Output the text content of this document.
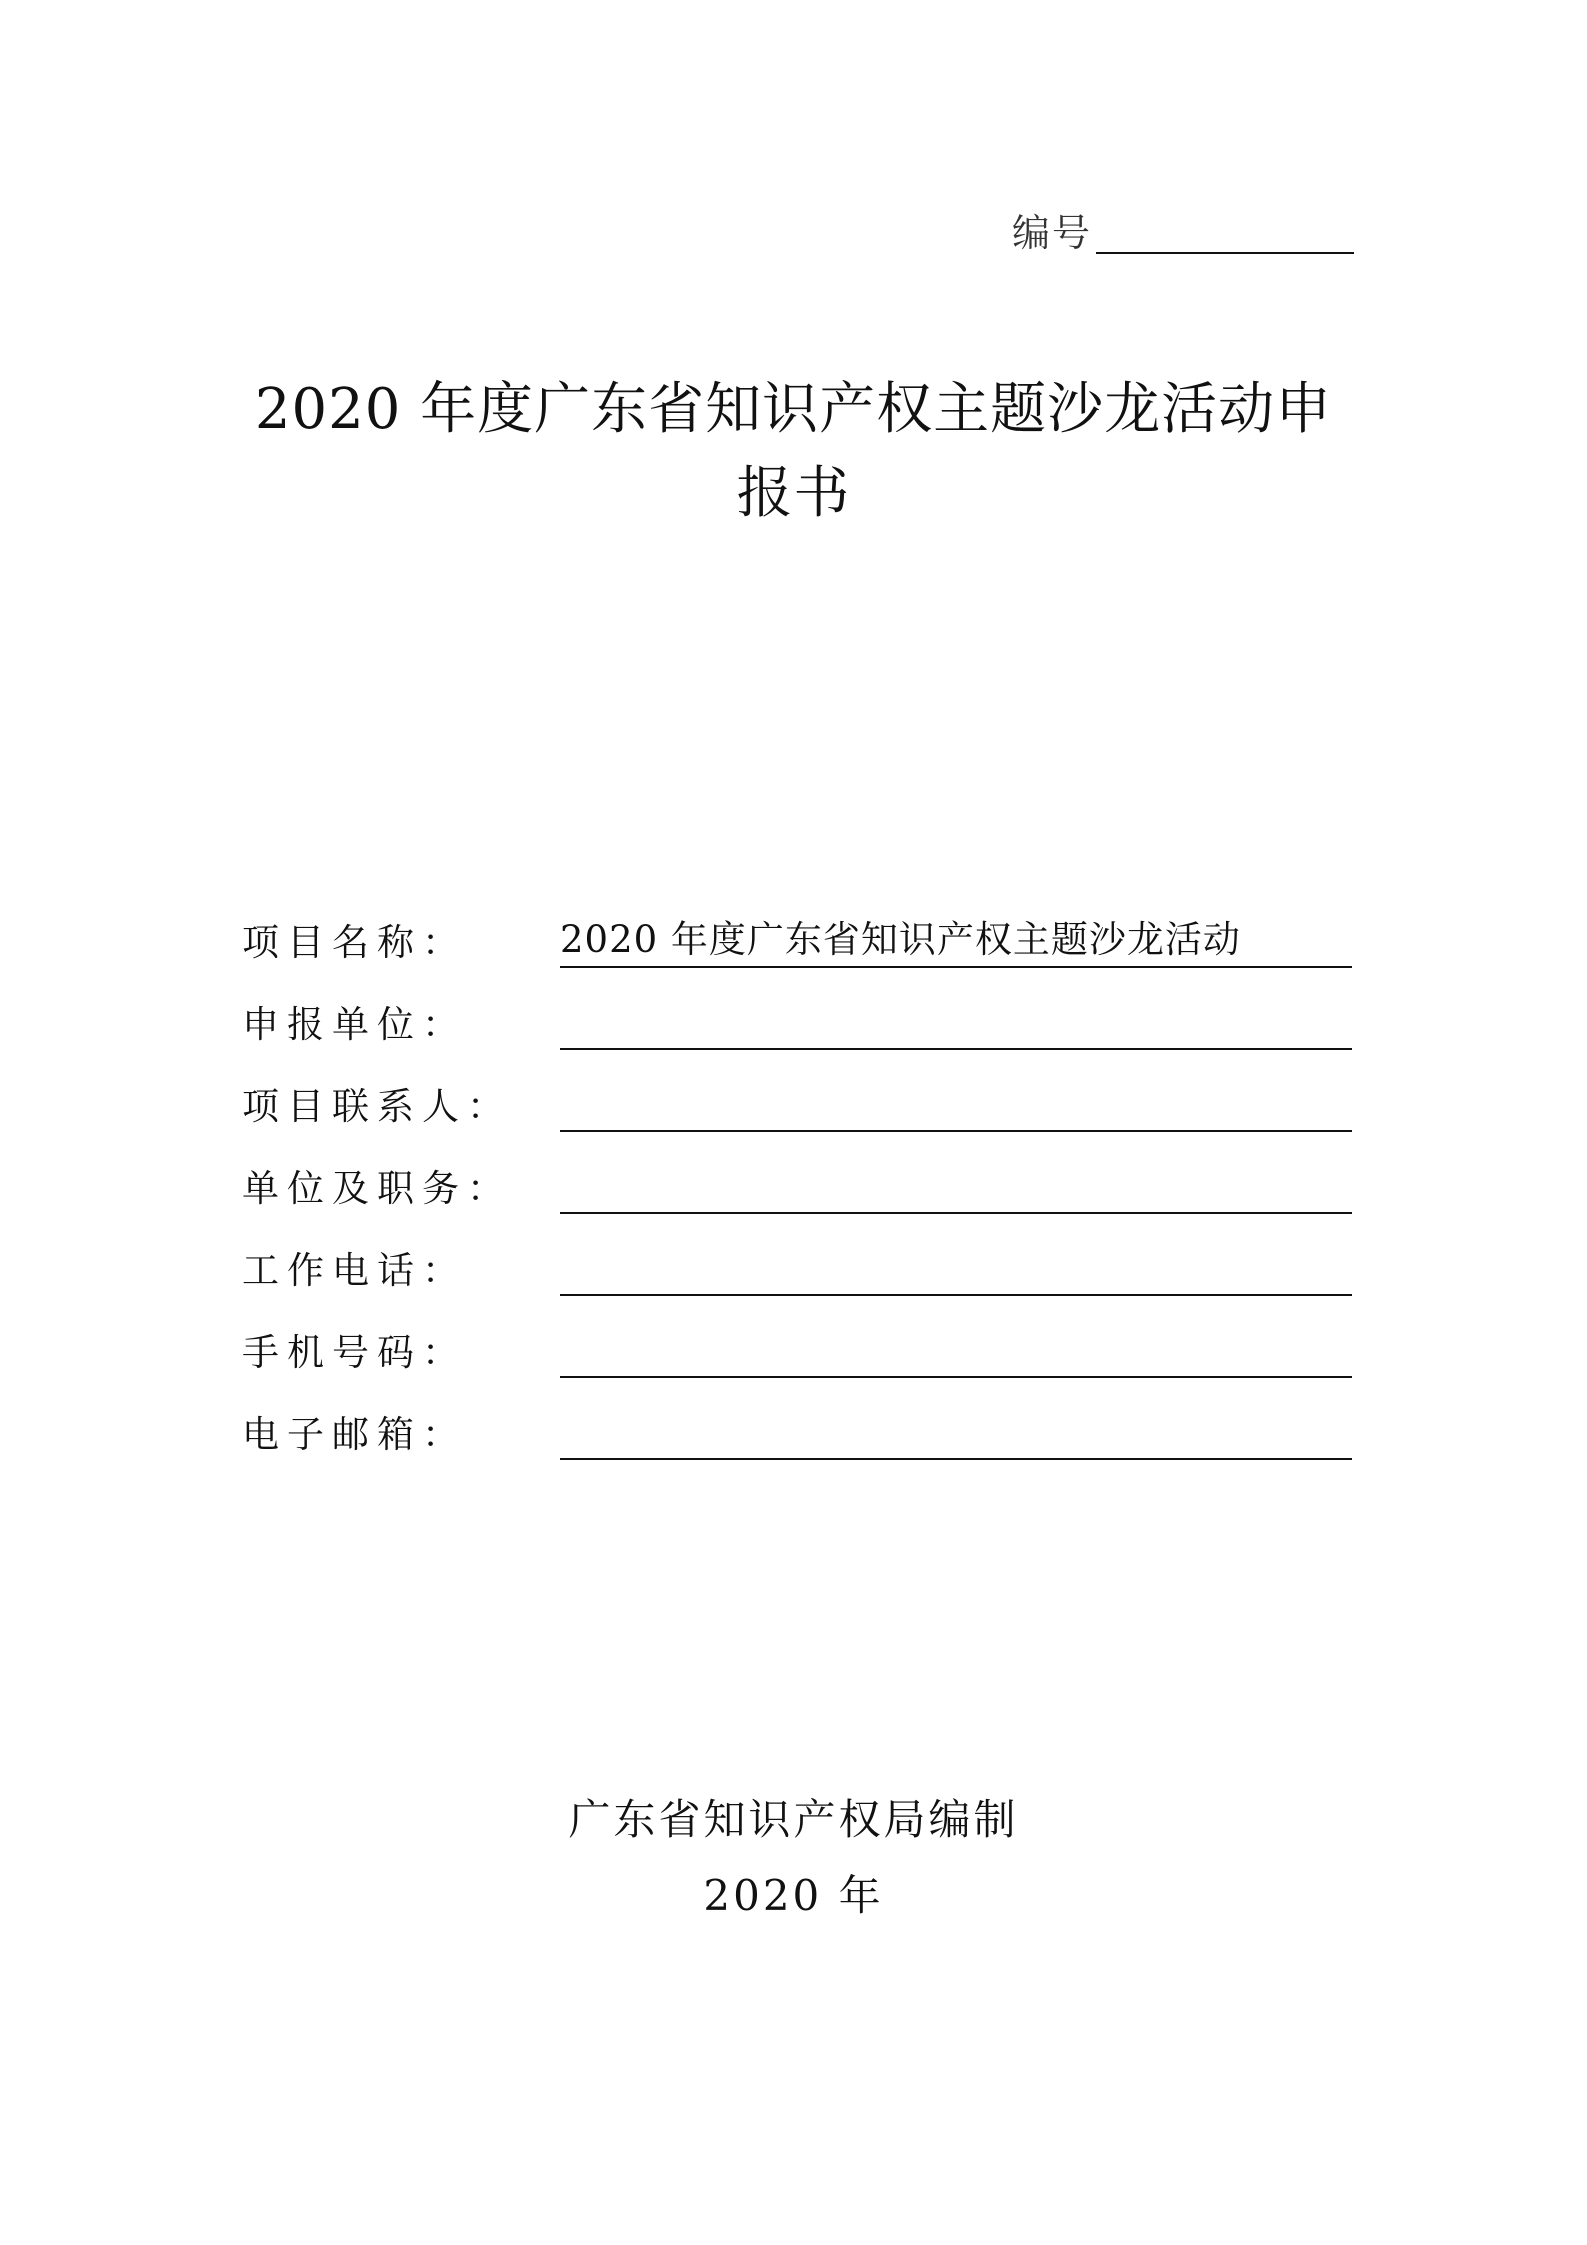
编号
2020 年度广东省知识产权主题沙龙活动申
报书
项目名称：	2020 年度广东省知识产权主题沙龙活动
申报单位：
项目联系人：
单位及职务：
工作电话：
手机号码：
电子邮箱：
广东省知识产权局编制
2020 年
